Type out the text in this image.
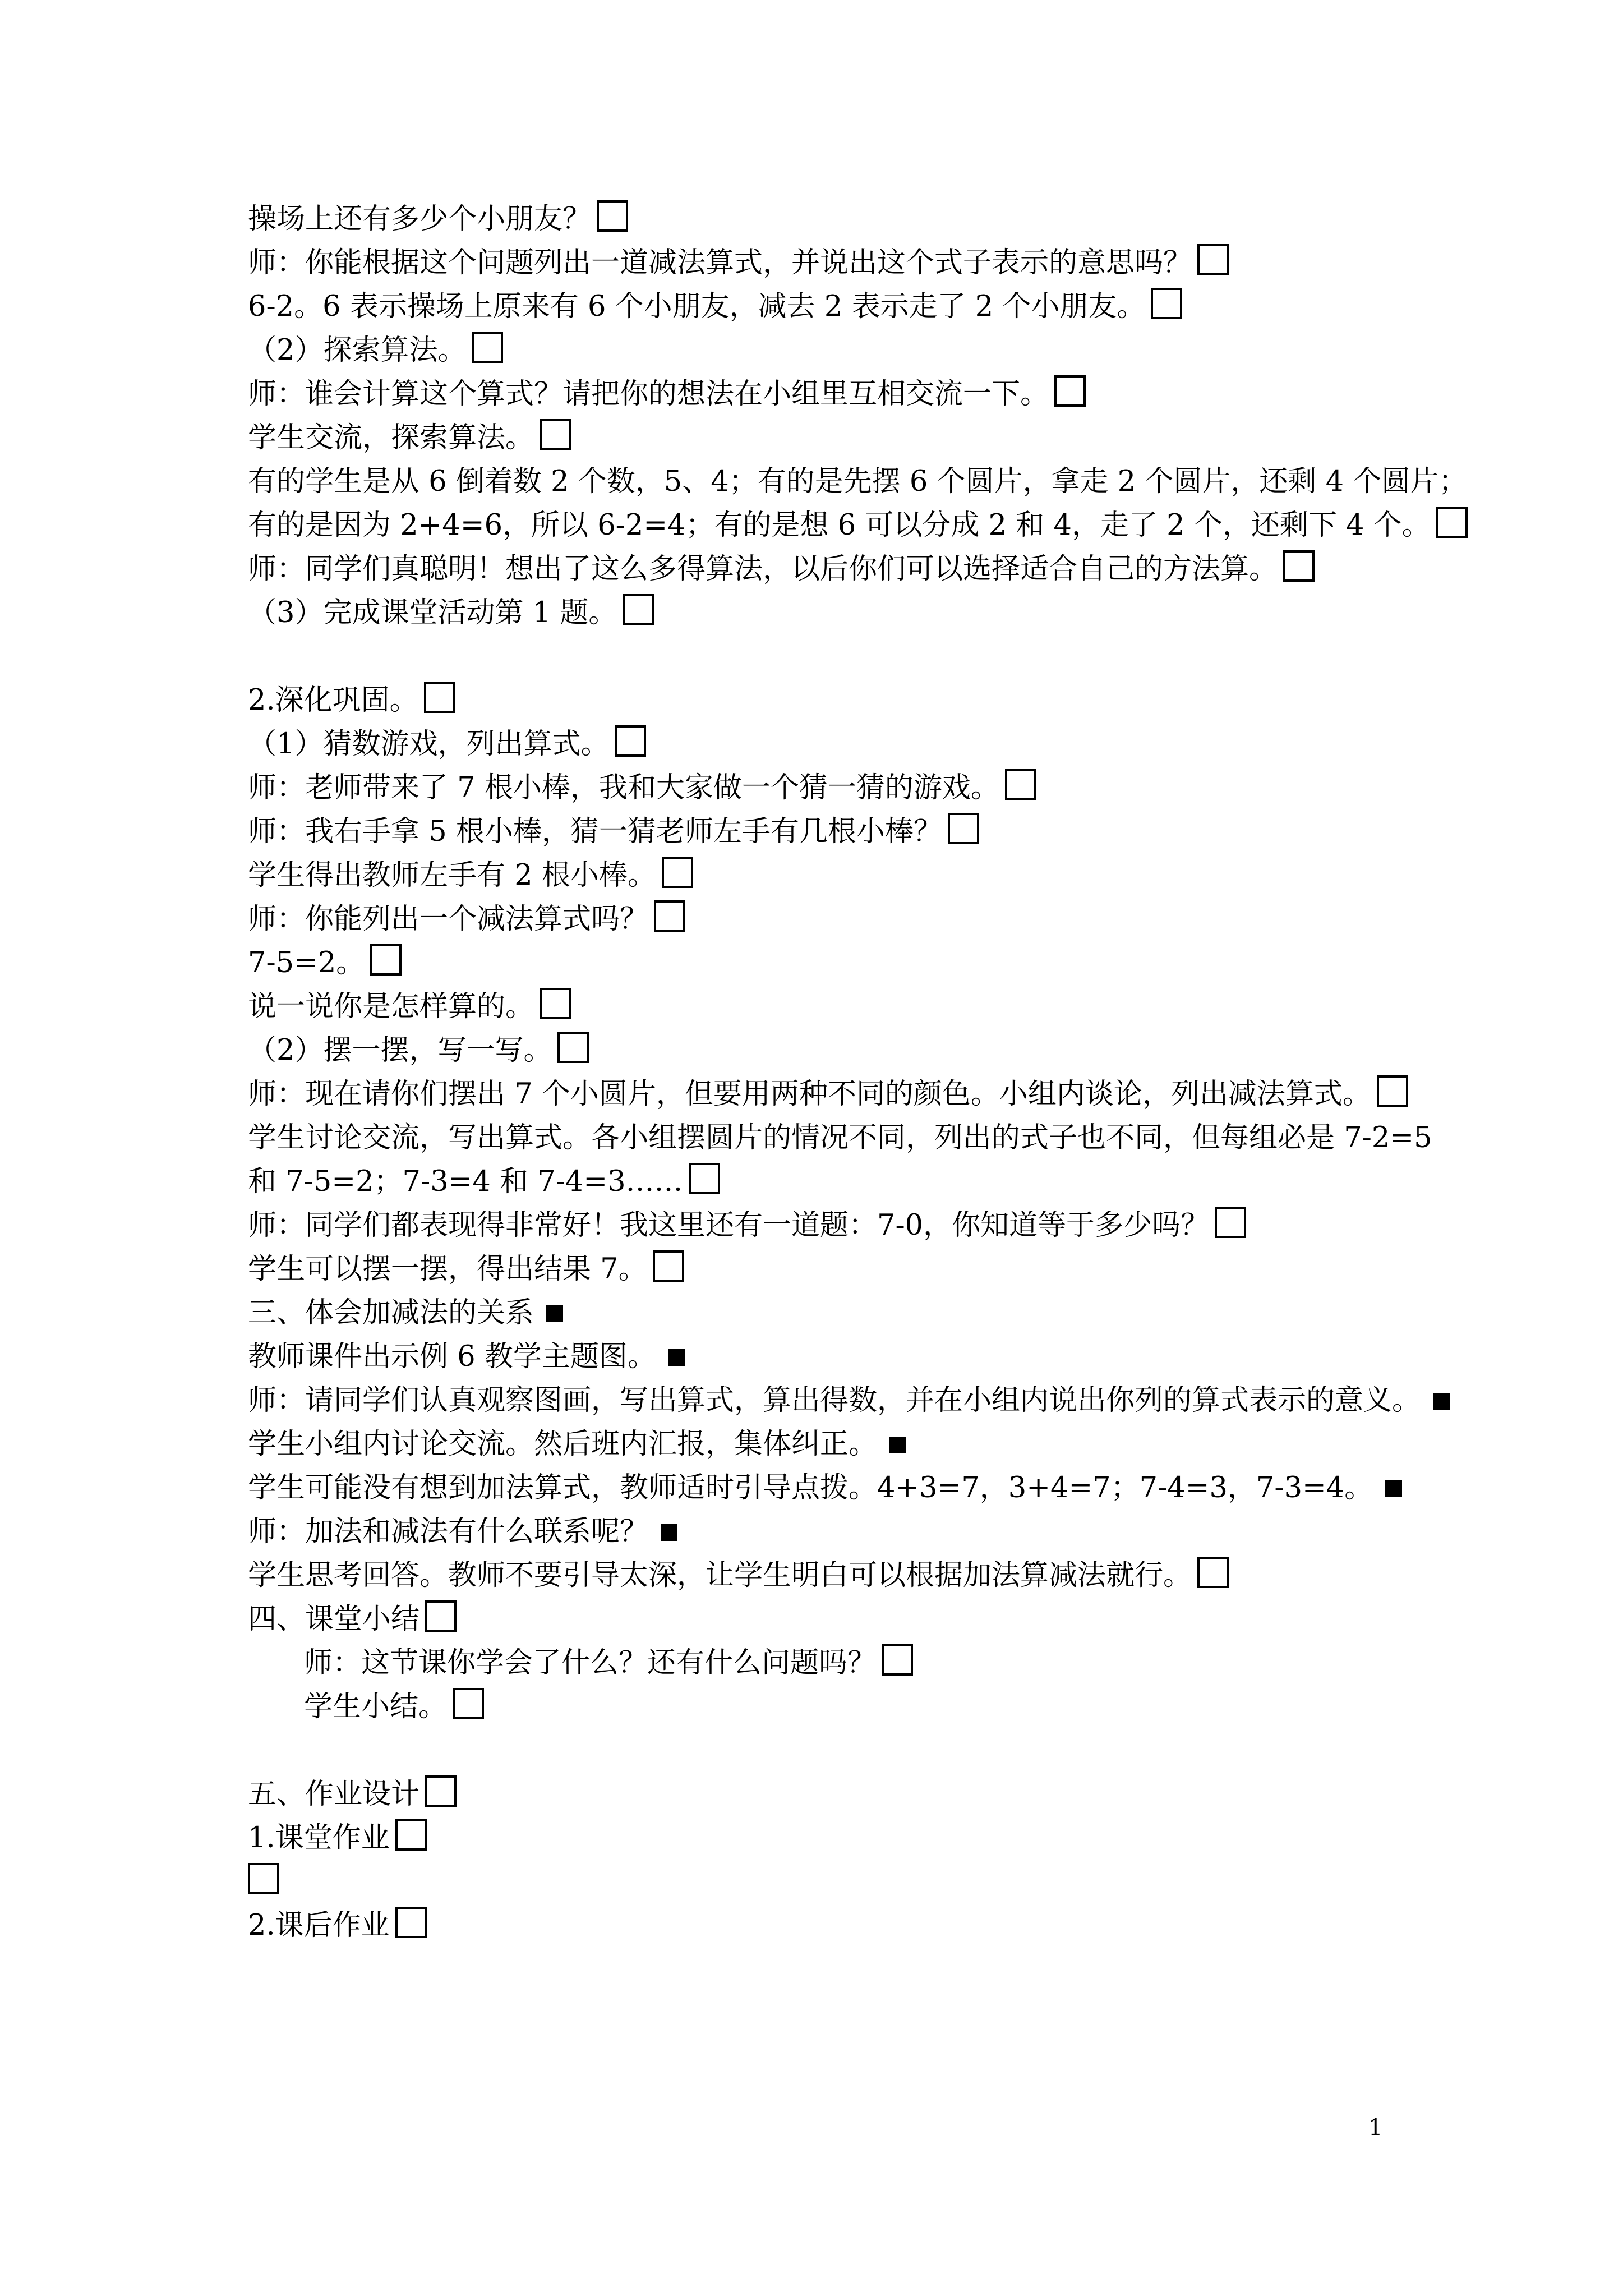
操场上还有多少个小朋友？
师：你能根据这个问题列出一道减法算式，并说出这个式子表示的意思吗？
6-2。6 表示操场上原来有 6 个小朋友，减去 2 表示走了 2 个小朋友。
（2）探索算法。
师：谁会计算这个算式？请把你的想法在小组里互相交流一下。
学生交流，探索算法。
有的学生是从 6 倒着数 2 个数，5、4；有的是先摆 6 个圆片，拿走 2 个圆片，还剩 4 个圆片；
有的是因为 2+4=6，所以 6-2=4；有的是想 6 可以分成 2 和 4，走了 2 个，还剩下 4 个。
师：同学们真聪明！想出了这么多得算法，以后你们可以选择适合自己的方法算。
（3）完成课堂活动第 1 题。
2.深化巩固。
（1）猜数游戏，列出算式。
师：老师带来了 7 根小棒，我和大家做一个猜一猜的游戏。
师：我右手拿 5 根小棒，猜一猜老师左手有几根小棒？
学生得出教师左手有 2 根小棒。
师：你能列出一个减法算式吗？
7-5=2。
说一说你是怎样算的。
（2）摆一摆，写一写。
师：现在请你们摆出 7 个小圆片，但要用两种不同的颜色。小组内谈论，列出减法算式。
学生讨论交流，写出算式。各小组摆圆片的情况不同，列出的式子也不同，但每组必是 7-2=5
和 7-5=2；7-3=4 和 7-4=3……
师：同学们都表现得非常好！我这里还有一道题：7-0，你知道等于多少吗？
学生可以摆一摆，得出结果 7。
三、体会加减法的关系
教师课件出示例 6 教学主题图。
师：请同学们认真观察图画，写出算式，算出得数，并在小组内说出你列的算式表示的意义。
学生小组内讨论交流。然后班内汇报，集体纠正。
学生可能没有想到加法算式，教师适时引导点拨。4+3=7，3+4=7；7-4=3，7-3=4。
师：加法和减法有什么联系呢？
学生思考回答。教师不要引导太深，让学生明白可以根据加法算减法就行。
四、课堂小结
师：这节课你学会了什么？还有什么问题吗？
学生小结。
五、作业设计
1.课堂作业
2.课后作业
1
